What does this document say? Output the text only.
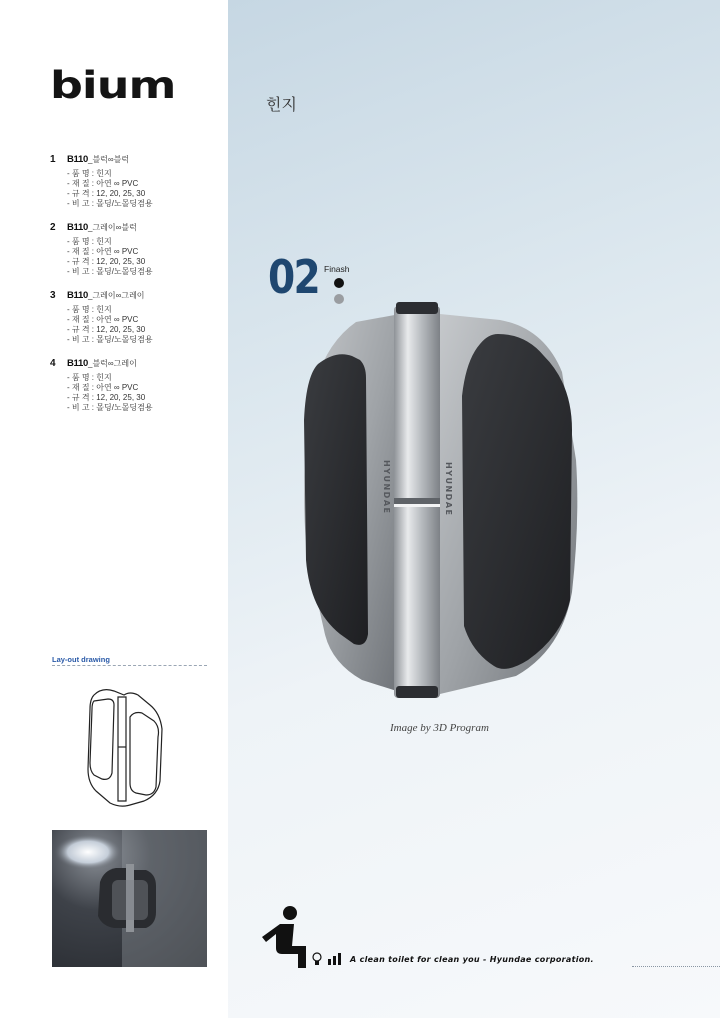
bium
1	B110 _블럭∞블럭
- 품 명 : 힌지
- 재 질 : 아연 ∞ PVC
- 규 격 : 12, 20, 25, 30
- 비 고 : 몰딩/노몰딩겸용
2	B110 _그레이∞블럭
- 품 명 : 힌지
- 재 질 : 아연 ∞ PVC
- 규 격 : 12, 20, 25, 30
- 비 고 : 몰딩/노몰딩겸용
3	B110 _그레이∞그레이
- 품 명 : 힌지
- 재 질 : 아연 ∞ PVC
- 규 격 : 12, 20, 25, 30
- 비 고 : 몰딩/노몰딩겸용
4	B110 _블럭∞그레이
- 품 명 : 힌지
- 재 질 : 아연 ∞ PVC
- 규 격 : 12, 20, 25, 30
- 비 고 : 몰딩/노몰딩겸용
Lay-out drawing
힌지
02 Finash
HYUNDAE	HYUNDAE
Image by 3D Program
A clean toilet for clean you - Hyundae corporation.
